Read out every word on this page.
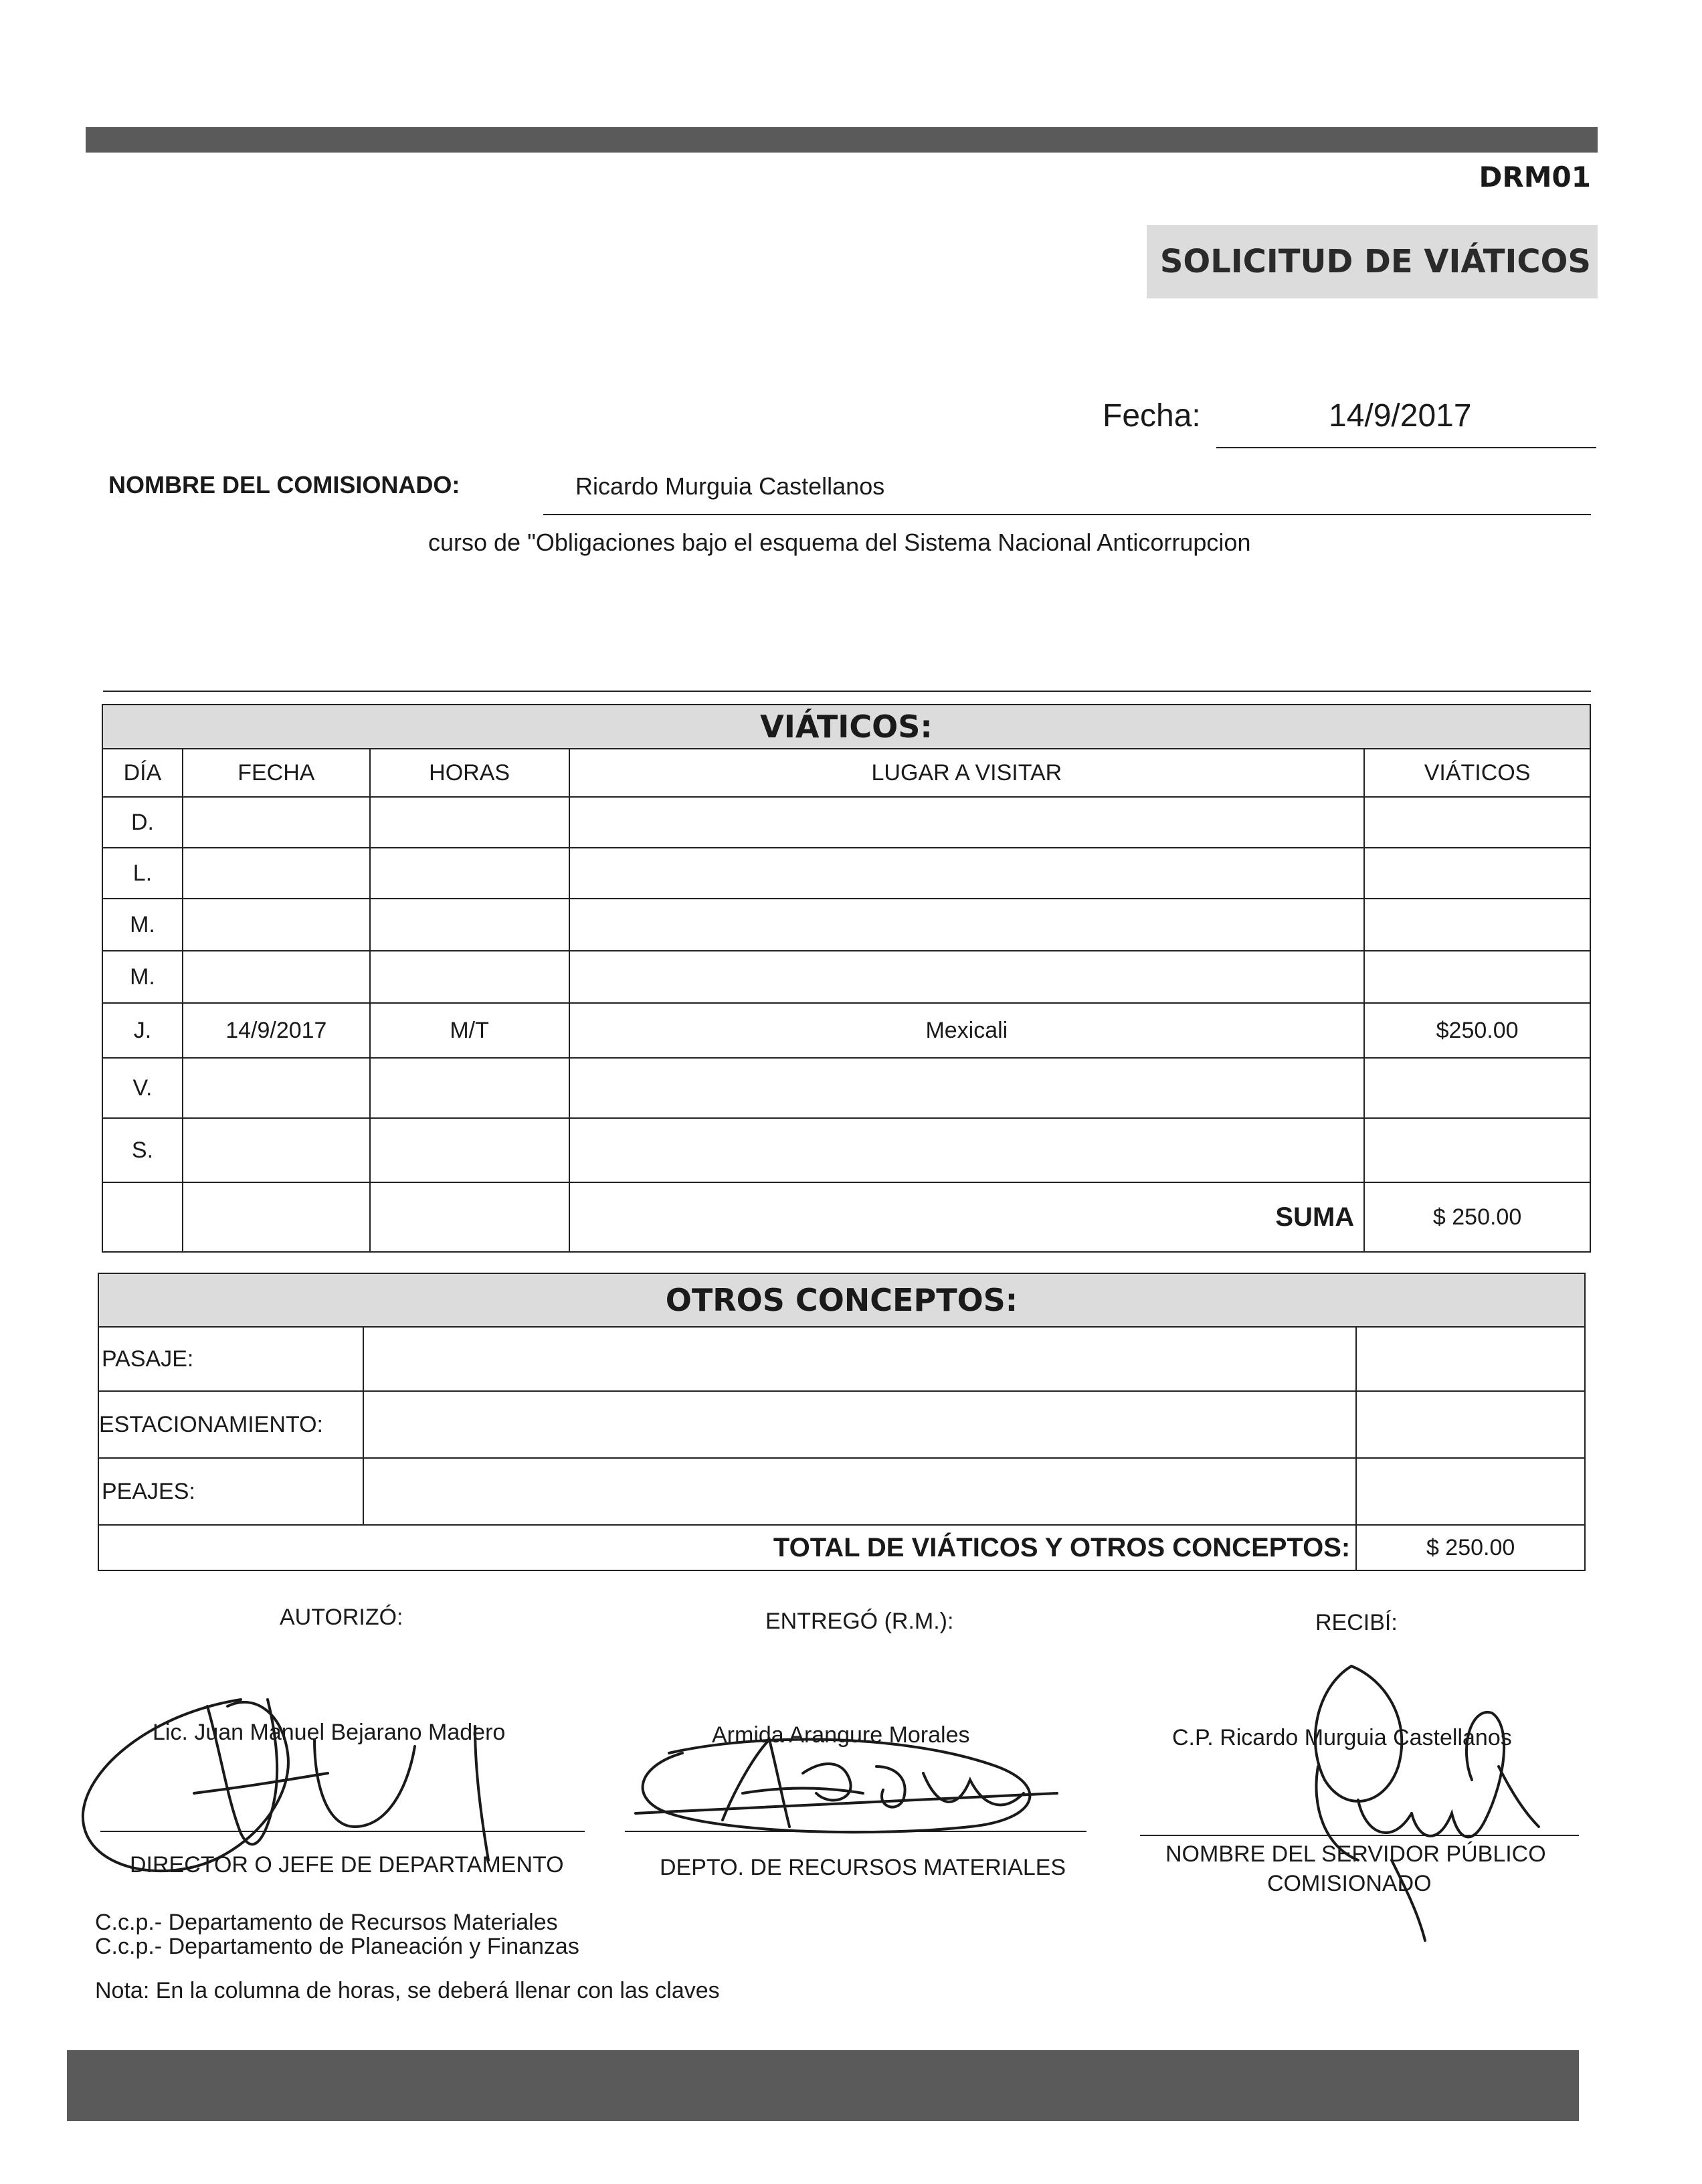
DRM01
SOLICITUD DE VIÁTICOS
Fecha:	14/9/2017
NOMBRE DEL COMISIONADO:	Ricardo Murguia Castellanos
curso de "Obligaciones bajo el esquema del Sistema Nacional Anticorrupcion
VIÁTICOS:
DÍA	FECHA	HORAS	LUGAR A VISITAR	VIÁTICOS
D.				
L.				
M.				
M.				
J.	14/9/2017	M/T	Mexicali	$250.00
V.				
S.				
			SUMA	$ 250.00
OTROS CONCEPTOS:
PASAJE:		
ESTACIONAMIENTO:		
PEAJES:		
TOTAL DE VIÁTICOS Y OTROS CONCEPTOS:		$ 250.00
AUTORIZÓ:	ENTREGÓ (R.M.):	RECIBÍ:
Lic. Juan Manuel Bejarano Madero	Armida Arangure Morales	C.P. Ricardo Murguia Castellanos
DIRECTOR O JEFE DE DEPARTAMENTO	DEPTO. DE RECURSOS MATERIALES
NOMBRE DEL SERVIDOR PÚBLICO
COMISIONADO
C.c.p.- Departamento de Recursos Materiales
C.c.p.- Departamento de Planeación y Finanzas
Nota: En la columna de horas, se deberá llenar con las claves
